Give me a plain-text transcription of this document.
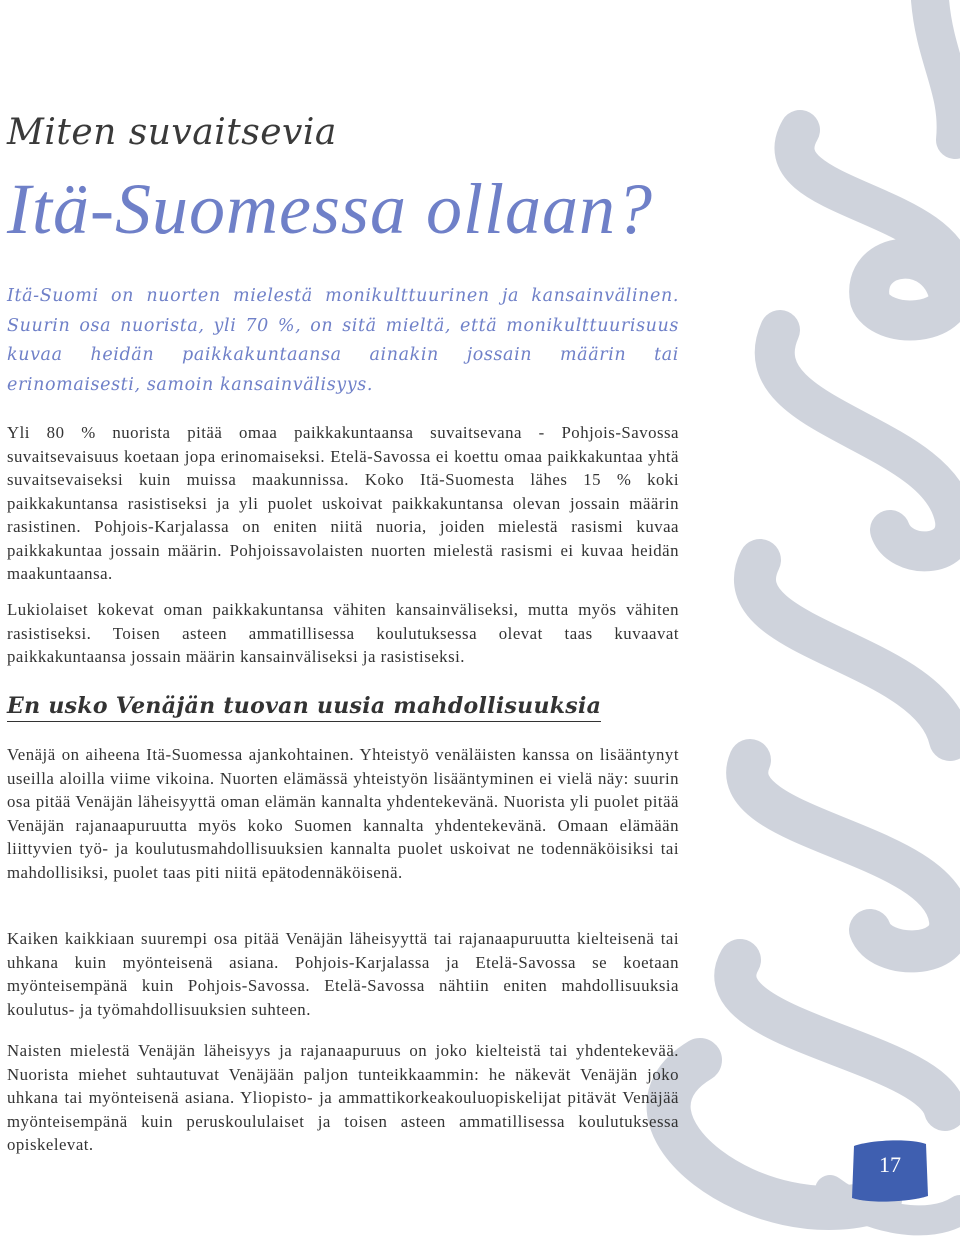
Miten suvaitsevia
Itä-Suomessa ollaan?

Itä-Suomi on nuorten mielestä monikulttuurinen ja kansainvälinen. Suurin osa nuorista, yli 70 %, on sitä mieltä, että monikulttuurisuus kuvaa heidän paikkakuntaansa ainakin jossain määrin tai erinomaisesti, samoin kansainvälisyys.

Yli 80 % nuorista pitää omaa paikkakuntaansa suvaitsevana - Pohjois-Savossa suvaitsevaisuus koetaan jopa erinomaiseksi. Etelä-Savossa ei koettu omaa paikkakuntaa yhtä suvaitsevaiseksi kuin muissa maakunnissa. Koko Itä-Suomesta lähes 15 % koki paikkakuntansa rasistiseksi ja yli puolet uskoivat paikkakuntansa olevan jossain määrin rasistinen. Pohjois-Karjalassa on eniten niitä nuoria, joiden mielestä rasismi kuvaa paikkakuntaa jossain määrin. Pohjoissavolaisten nuorten mielestä rasismi ei kuvaa heidän maakuntaansa.

Lukiolaiset kokevat oman paikkakuntansa vähiten kansainväliseksi, mutta myös vähiten rasistiseksi. Toisen asteen ammatillisessa koulutuksessa olevat taas kuvaavat paikkakuntaansa jossain määrin kansainväliseksi ja rasistiseksi.

En usko Venäjän tuovan uusia mahdollisuuksia

Venäjä on aiheena Itä-Suomessa ajankohtainen. Yhteistyö venäläisten kanssa on lisääntynyt useilla aloilla viime vikoina. Nuorten elämässä yhteistyön lisääntyminen ei vielä näy: suurin osa pitää Venäjän läheisyyttä oman elämän kannalta yhdentekevänä. Nuorista yli puolet pitää Venäjän rajanaapuruutta myös koko Suomen kannalta yhdentekevänä. Omaan elämään liittyvien työ- ja koulutusmahdollisuuksien kannalta puolet uskoivat ne todennäköisiksi tai mahdollisiksi, puolet taas piti niitä epätodennäköisenä.

Kaiken kaikkiaan suurempi osa pitää Venäjän läheisyyttä tai rajanaapuruutta kielteisenä tai uhkana kuin myönteisenä asiana. Pohjois-Karjalassa ja Etelä-Savossa se koetaan myönteisempänä kuin Pohjois-Savossa. Etelä-Savossa nähtiin eniten mahdollisuuksia koulutus- ja työmahdollisuuksien suhteen.

Naisten mielestä Venäjän läheisyys ja rajanaapuruus on joko kielteistä tai yhdentekevää. Nuorista miehet suhtautuvat Venäjään paljon tunteikkaammin: he näkevät Venäjän joko uhkana tai myönteisenä asiana. Yliopisto- ja ammattikorkeakouluopiskelijat pitävät Venäjää myönteisempänä kuin peruskoululaiset ja toisen asteen ammatillisessa koulutuksessa opiskelevat.

17
